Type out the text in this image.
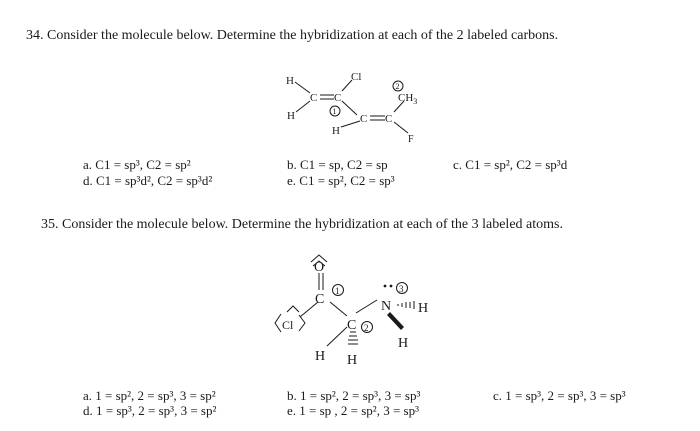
34. Consider the molecule below. Determine the hybridization at each of the 2 labeled carbons.
H
H
C C
Cl
H
C C
$CH_3$
F
1
2
a. C1 = sp³, C2 = sp²
d. C1 = sp³d², C2 = sp³d²
b. C1 = sp, C2 = sp
e. C1 = sp², C2 = sp³
c. C1 = sp², C2 = sp³d
35. Consider the molecule below. Determine the hybridization at each of the 3 labeled atoms.
O
C
Cl	C
H H
N H
H
1
2
3
a. 1 = sp², 2 = sp³, 3 = sp²
d. 1 = sp³, 2 = sp³, 3 = sp²
b. 1 = sp², 2 = sp³, 3 = sp³
e. 1 = sp , 2 = sp², 3 = sp³
c. 1 = sp³, 2 = sp³, 3 = sp³
